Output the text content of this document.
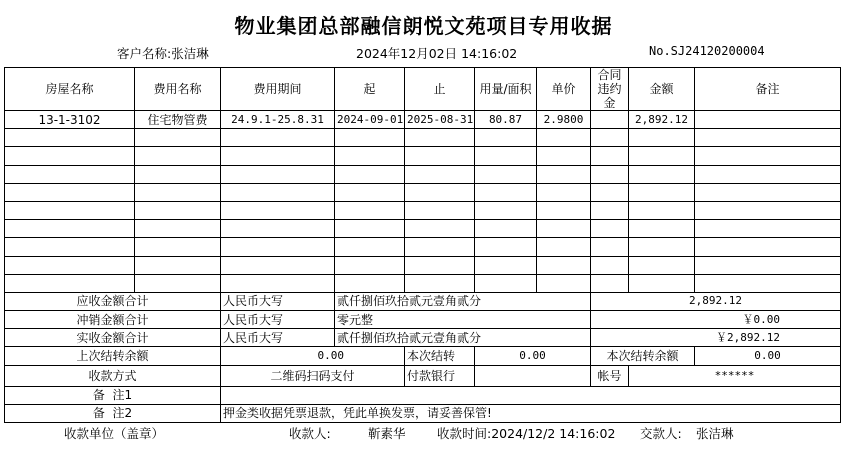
物业集团总部融信朗悦文苑项目专用收据
客户名称:张洁琳	2024年12月02日 14:16:02	No.SJ24120200004
房屋名称	费用名称	费用期间	起	止	用量/面积	单价	合同违约金	金额	备注
13-1-3102	住宅物管费	24.9.1-25.8.31	2024-09-01	2025-08-31	80.87	2.9800		2,892.12	

应收金额合计		人民币大写	贰仟捌佰玖拾贰元壹角贰分				2,892.12		
冲销金额合计		人民币大写	零元整				￥0.00		
实收金额合计		人民币大写	贰仟捌佰玖拾贰元壹角贰分				￥2,892.12		
上次结转余额		0.00		本次结转	0.00		本次结转余额		0.00
收款方式		二维码扫码支付		付款银行			帐号	******	
备  注1									
备  注2		押金类收据凭票退款，凭此单换发票，请妥善保管!							
收款单位（盖章）	收款人:	靳素华	收款时间:2024/12/2 14:16:02 交款人: 张洁琳
